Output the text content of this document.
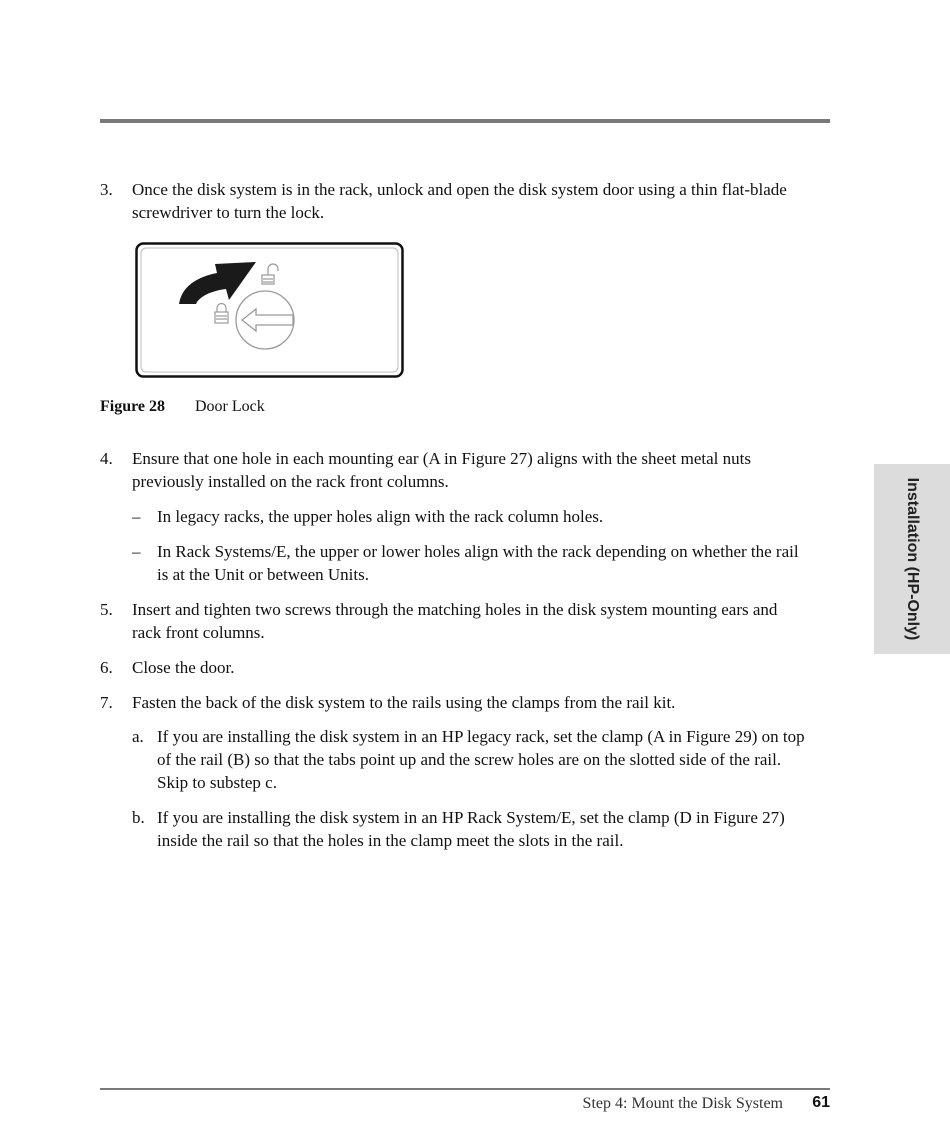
3.	Once the disk system is in the rack, unlock and open the disk system door using a thin flat-blade screwdriver to turn the lock.
Figure 28	Door Lock
4.	Ensure that one hole in each mounting ear (A in Figure 27) aligns with the sheet metal nuts previously installed on the rack front columns.
– In legacy racks, the upper holes align with the rack column holes.
– In Rack Systems/E, the upper or lower holes align with the rack depending on whether the rail is at the Unit or between Units.
5.	Insert and tighten two screws through the matching holes in the disk system mounting ears and rack front columns.
6.	Close the door.
7.	Fasten the back of the disk system to the rails using the clamps from the rail kit.
a. If you are installing the disk system in an HP legacy rack, set the clamp (A in Figure 29) on top of the rail (B) so that the tabs point up and the screw holes are on the slotted side of the rail. Skip to substep c.
b. If you are installing the disk system in an HP Rack System/E, set the clamp (D in Figure 27) inside the rail so that the holes in the clamp meet the slots in the rail.
Installation (HP-Only)
Step 4: Mount the Disk System 61
